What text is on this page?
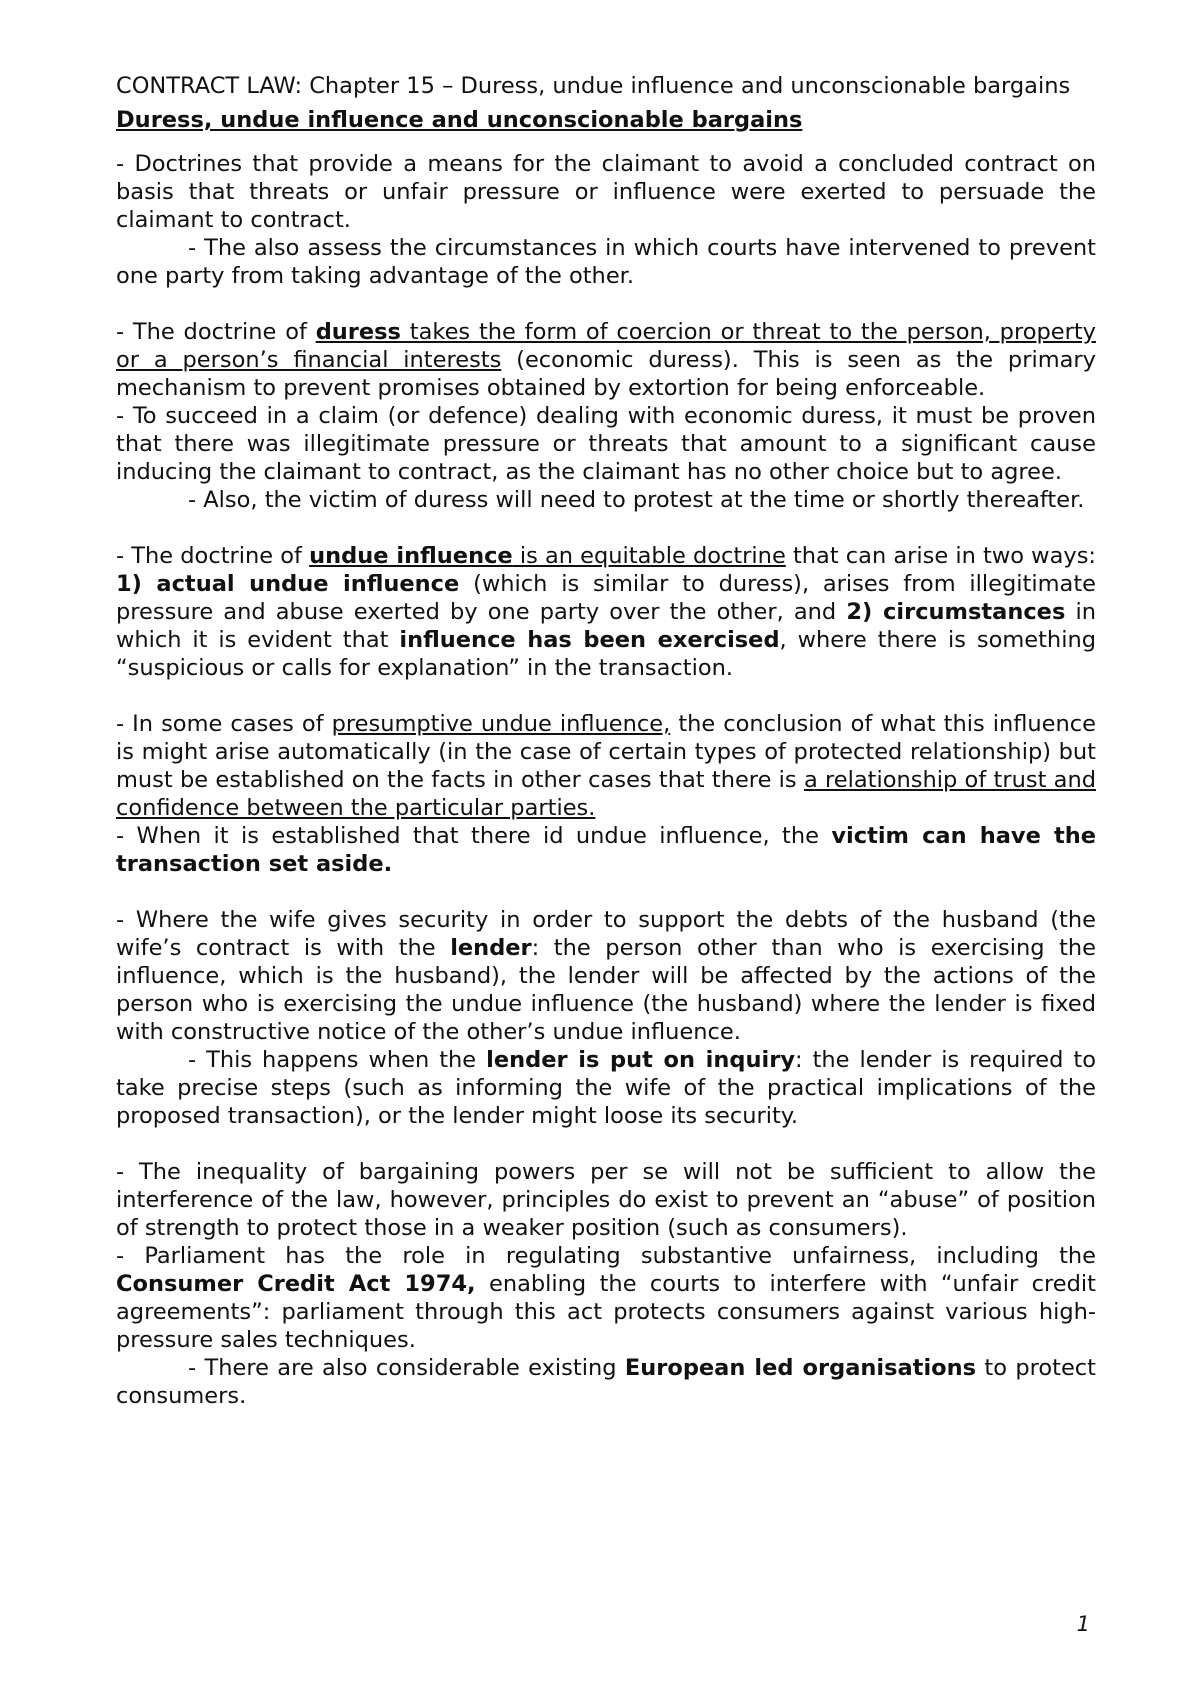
CONTRACT LAW: Chapter 15 – Duress, undue influence and unconscionable bargains
Duress, undue influence and unconscionable bargains

- Doctrines that provide a means for the claimant to avoid a concluded contract on basis that threats or unfair pressure or influence were exerted to persuade the claimant to contract.

- The also assess the circumstances in which courts have intervened to prevent one party from taking advantage of the other.

- The doctrine of duress takes the form of coercion or threat to the person, property or a person’s financial interests (economic duress). This is seen as the primary mechanism to prevent promises obtained by extortion for being enforceable.

- To succeed in a claim (or defence) dealing with economic duress, it must be proven that there was illegitimate pressure or threats that amount to a significant cause inducing the claimant to contract, as the claimant has no other choice but to agree.

- Also, the victim of duress will need to protest at the time or shortly thereafter.

- The doctrine of undue influence is an equitable doctrine that can arise in two ways: 1) actual undue influence (which is similar to duress), arises from illegitimate pressure and abuse exerted by one party over the other, and 2) circumstances in which it is evident that influence has been exercised, where there is something “suspicious or calls for explanation” in the transaction.

- In some cases of presumptive undue influence, the conclusion of what this influence is might arise automatically (in the case of certain types of protected relationship) but must be established on the facts in other cases that there is a relationship of trust and confidence between the particular parties.

- When it is established that there id undue influence, the victim can have the transaction set aside.

- Where the wife gives security in order to support the debts of the husband (the wife’s contract is with the lender: the person other than who is exercising the influence, which is the husband), the lender will be affected by the actions of the person who is exercising the undue influence (the husband) where the lender is fixed with constructive notice of the other’s undue influence.

- This happens when the lender is put on inquiry: the lender is required to take precise steps (such as informing the wife of the practical implications of the proposed transaction), or the lender might loose its security.

- The inequality of bargaining powers per se will not be sufficient to allow the interference of the law, however, principles do exist to prevent an “abuse” of position of strength to protect those in a weaker position (such as consumers).

- Parliament has the role in regulating substantive unfairness, including the Consumer Credit Act 1974, enabling the courts to interfere with “unfair credit agreements”: parliament through this act protects consumers against various high-pressure sales techniques.

- There are also considerable existing European led organisations to protect consumers.

1
